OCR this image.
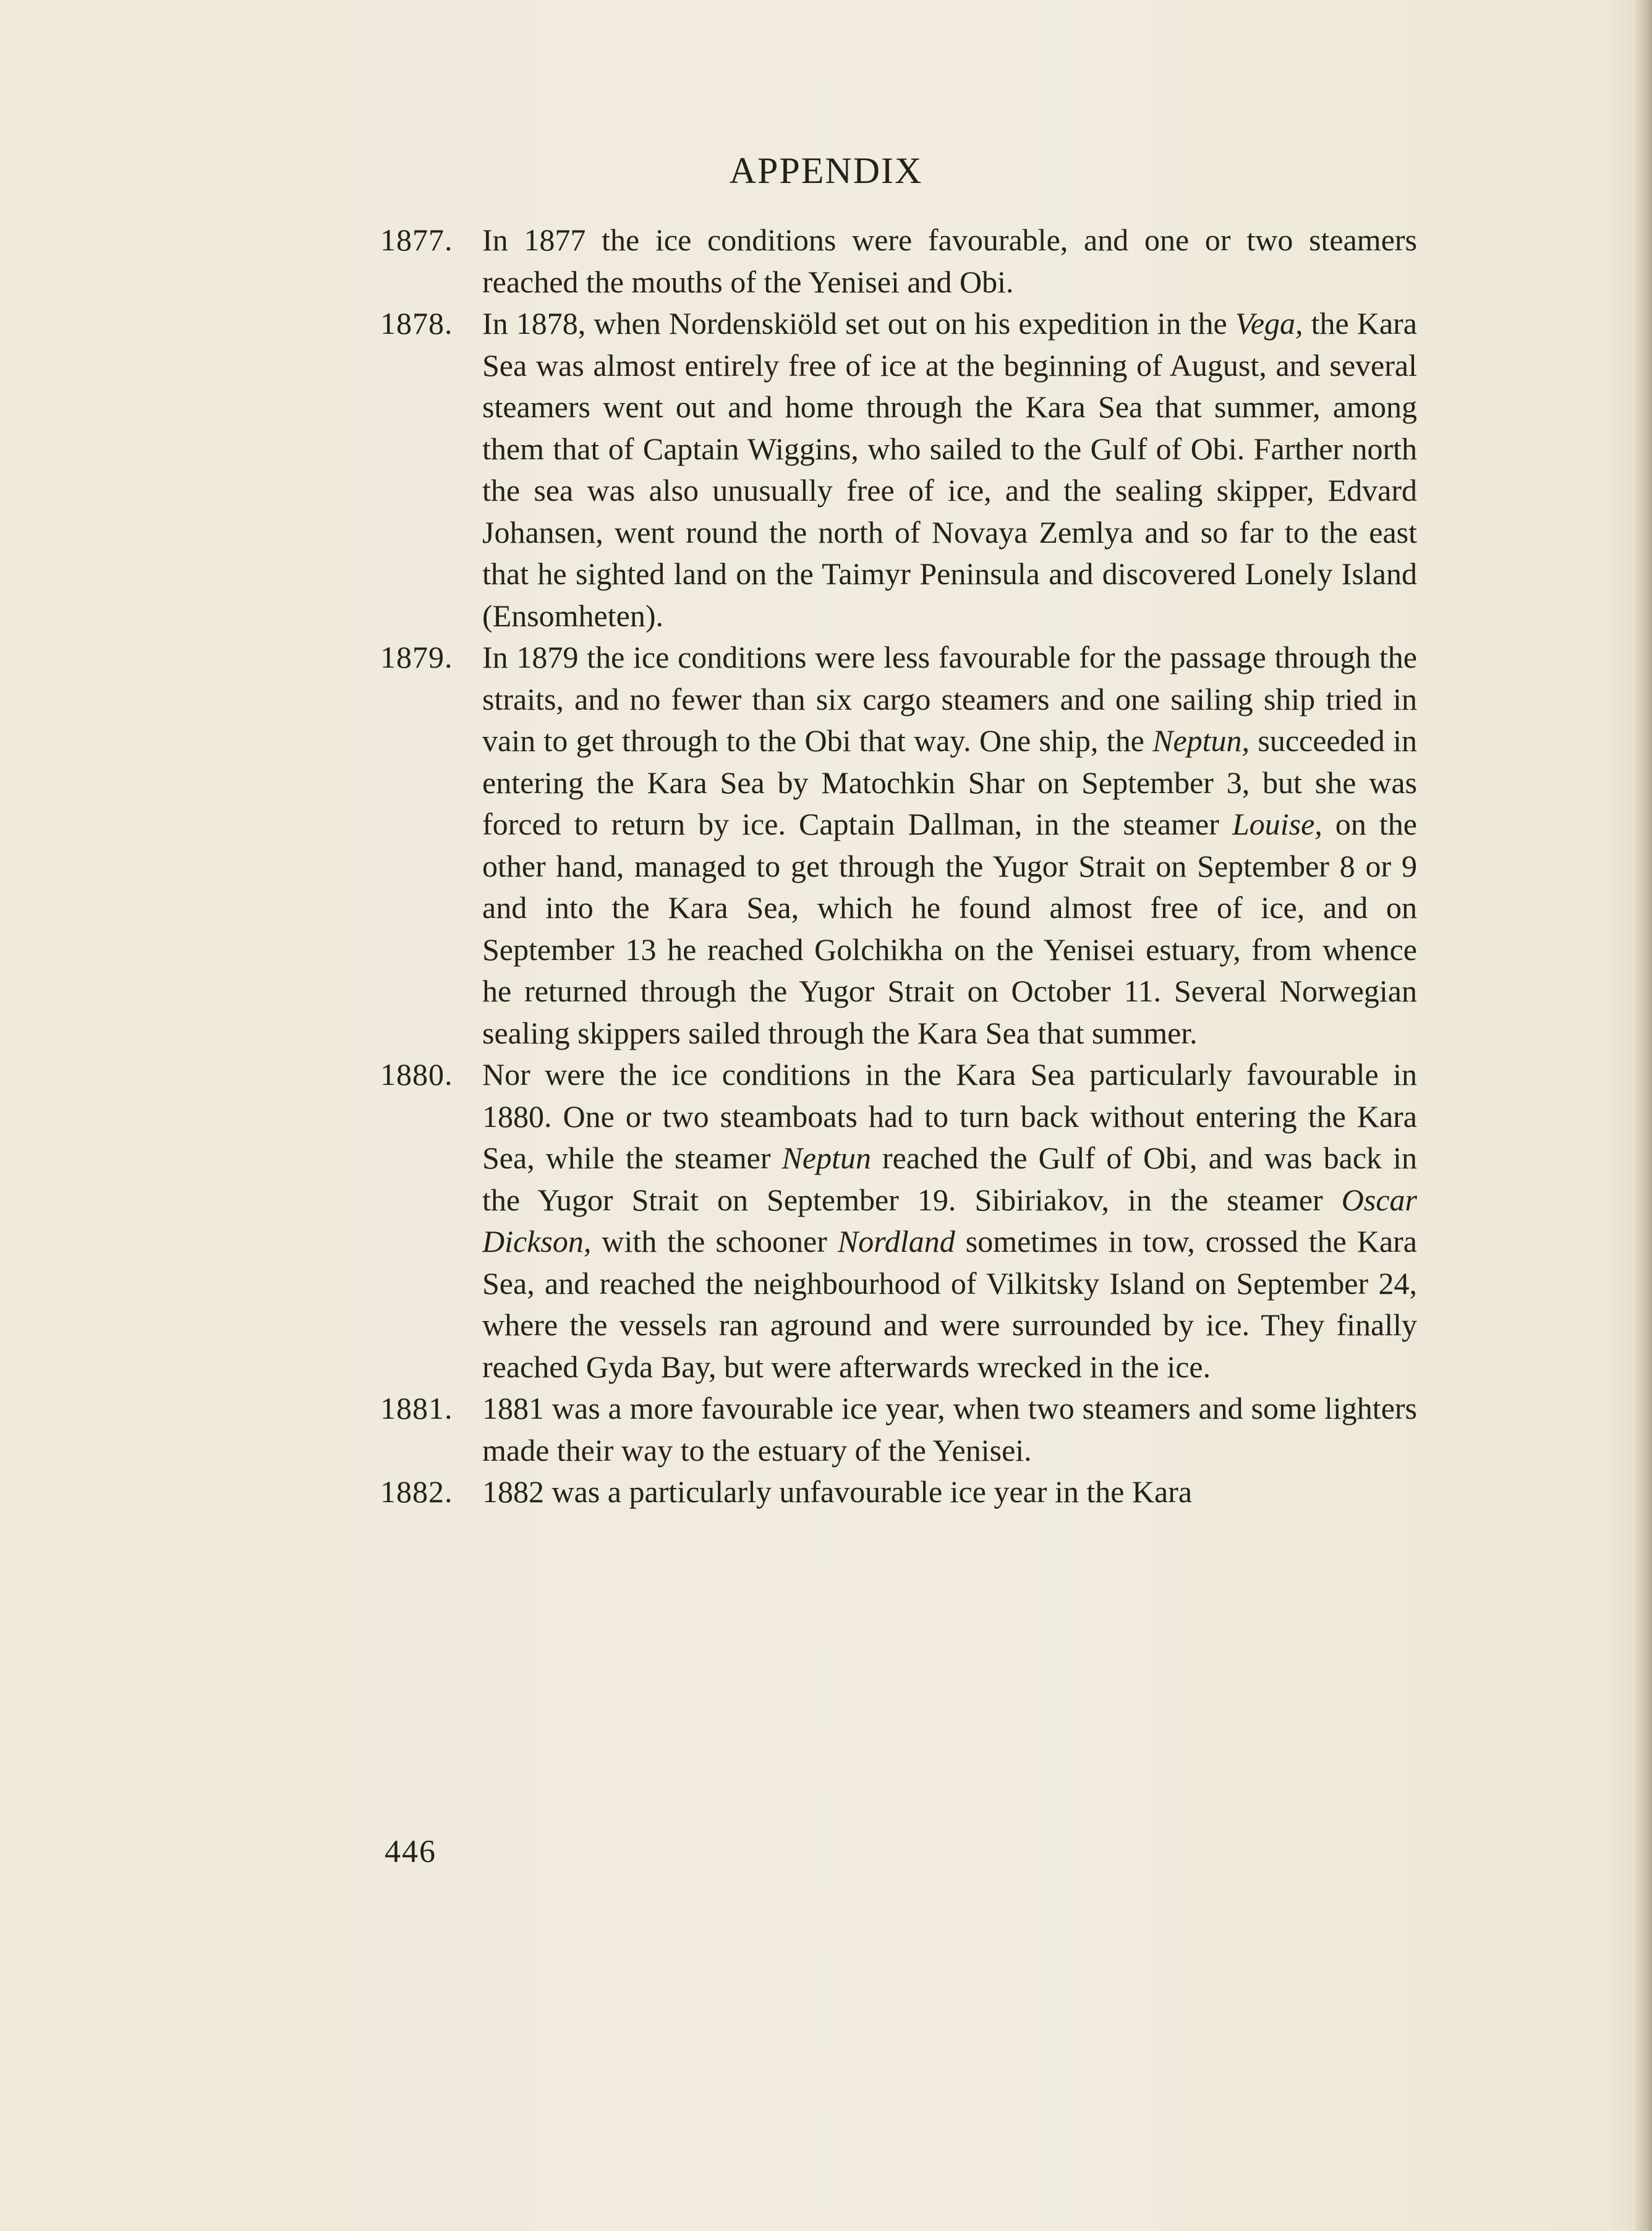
APPENDIX

1877. In 1877 the ice conditions were favourable, and one or two steamers reached the mouths of the Yenisei and Obi.

1878. In 1878, when Nordenskiöld set out on his expedition in the Vega, the Kara Sea was almost entirely free of ice at the beginning of August, and several steamers went out and home through the Kara Sea that summer, among them that of Captain Wiggins, who sailed to the Gulf of Obi. Farther north the sea was also unusually free of ice, and the sealing skipper, Edvard Johansen, went round the north of Novaya Zemlya and so far to the east that he sighted land on the Taimyr Peninsula and discovered Lonely Island (Ensomheten).

1879. In 1879 the ice conditions were less favourable for the passage through the straits, and no fewer than six cargo steamers and one sailing ship tried in vain to get through to the Obi that way. One ship, the Neptun, succeeded in entering the Kara Sea by Matochkin Shar on September 3, but she was forced to return by ice. Captain Dallman, in the steamer Louise, on the other hand, managed to get through the Yugor Strait on September 8 or 9 and into the Kara Sea, which he found almost free of ice, and on September 13 he reached Golchikha on the Yenisei estuary, from whence he returned through the Yugor Strait on October 11. Several Norwegian sealing skippers sailed through the Kara Sea that summer.

1880. Nor were the ice conditions in the Kara Sea particularly favourable in 1880. One or two steamboats had to turn back without entering the Kara Sea, while the steamer Neptun reached the Gulf of Obi, and was back in the Yugor Strait on September 19. Sibiriakov, in the steamer Oscar Dickson, with the schooner Nordland sometimes in tow, crossed the Kara Sea, and reached the neighbourhood of Vilkitsky Island on September 24, where the vessels ran aground and were surrounded by ice. They finally reached Gyda Bay, but were afterwards wrecked in the ice.

1881. 1881 was a more favourable ice year, when two steamers and some lighters made their way to the estuary of the Yenisei.

1882. 1882 was a particularly unfavourable ice year in the Kara

446
